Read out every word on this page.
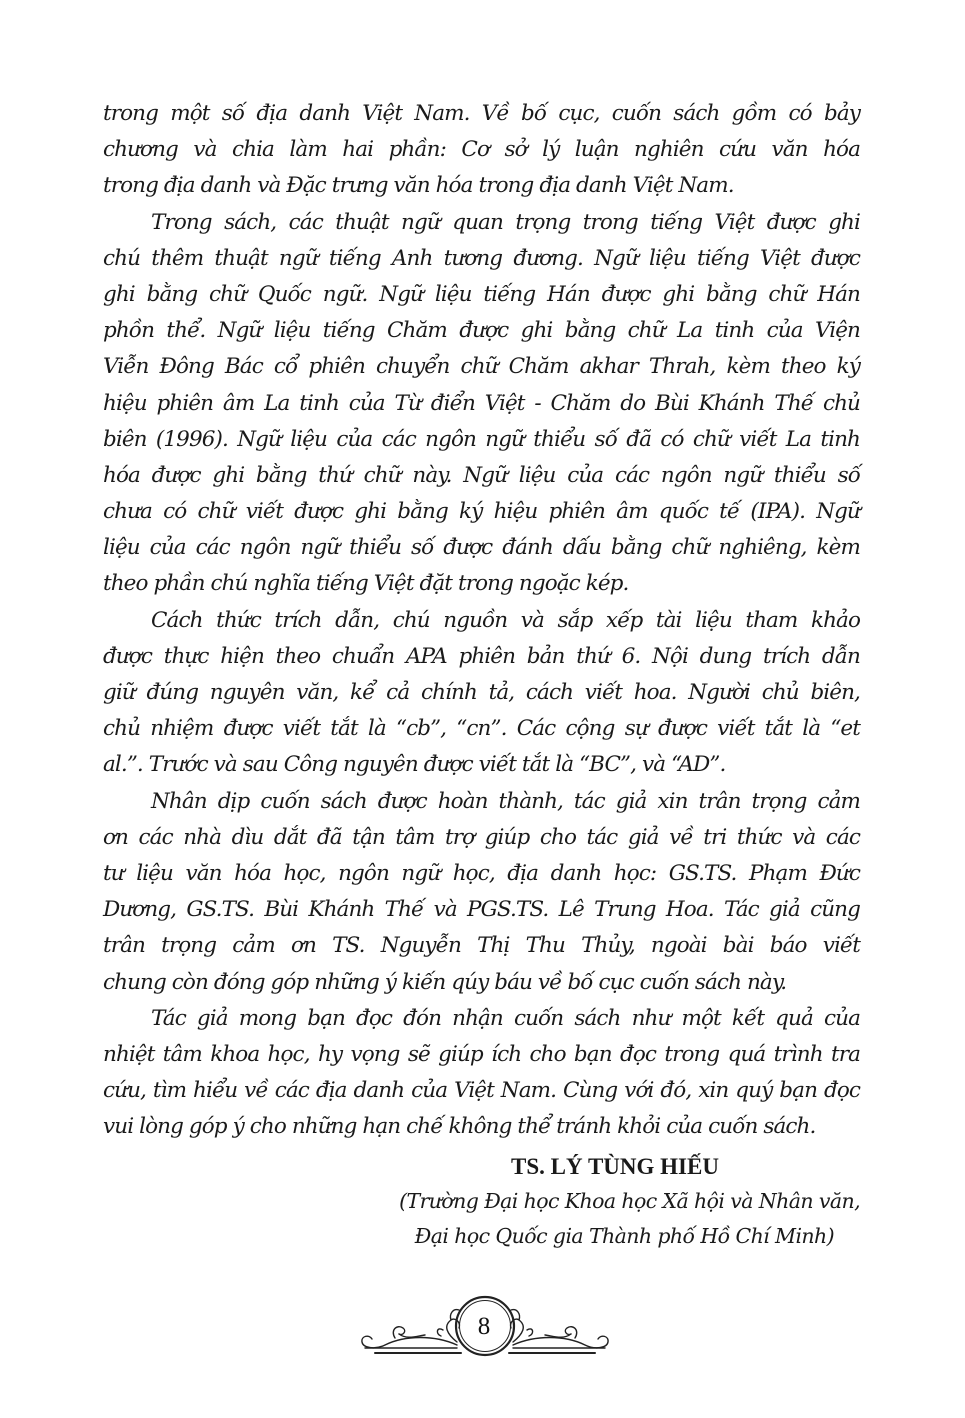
trong một số địa danh Việt Nam. Về bố cục, cuốn sách gồm có bảy
chương và chia làm hai phần: Cơ sở lý luận nghiên cứu văn hóa
trong địa danh và Đặc trưng văn hóa trong địa danh Việt Nam.
Trong sách, các thuật ngữ quan trọng trong tiếng Việt được ghi
chú thêm thuật ngữ tiếng Anh tương đương. Ngữ liệu tiếng Việt được
ghi bằng chữ Quốc ngữ. Ngữ liệu tiếng Hán được ghi bằng chữ Hán
phồn thể. Ngữ liệu tiếng Chăm được ghi bằng chữ La tinh của Viện
Viễn Đông Bác cổ phiên chuyển chữ Chăm akhar Thrah, kèm theo ký
hiệu phiên âm La tinh của Từ điển Việt - Chăm do Bùi Khánh Thế chủ
biên (1996). Ngữ liệu của các ngôn ngữ thiểu số đã có chữ viết La tinh
hóa được ghi bằng thứ chữ này. Ngữ liệu của các ngôn ngữ thiểu số
chưa có chữ viết được ghi bằng ký hiệu phiên âm quốc tế (IPA). Ngữ
liệu của các ngôn ngữ thiểu số được đánh dấu bằng chữ nghiêng, kèm
theo phần chú nghĩa tiếng Việt đặt trong ngoặc kép.
Cách thức trích dẫn, chú nguồn và sắp xếp tài liệu tham khảo
được thực hiện theo chuẩn APA phiên bản thứ 6. Nội dung trích dẫn
giữ đúng nguyên văn, kể cả chính tả, cách viết hoa. Người chủ biên,
chủ nhiệm được viết tắt là “cb”, “cn”. Các cộng sự được viết tắt là “et
al.”. Trước và sau Công nguyên được viết tắt là “BC”, và “AD”.
Nhân dịp cuốn sách được hoàn thành, tác giả xin trân trọng cảm
ơn các nhà dìu dắt đã tận tâm trợ giúp cho tác giả về tri thức và các
tư liệu văn hóa học, ngôn ngữ học, địa danh học: GS.TS. Phạm Đức
Dương, GS.TS. Bùi Khánh Thế và PGS.TS. Lê Trung Hoa. Tác giả cũng
trân trọng cảm ơn TS. Nguyễn Thị Thu Thủy, ngoài bài báo viết
chung còn đóng góp những ý kiến qúy báu về bố cục cuốn sách này.
Tác giả mong bạn đọc đón nhận cuốn sách như một kết quả của
nhiệt tâm khoa học, hy vọng sẽ giúp ích cho bạn đọc trong quá trình tra
cứu, tìm hiểu về các địa danh của Việt Nam. Cùng với đó, xin quý bạn đọc
vui lòng góp ý cho những hạn chế không thể tránh khỏi của cuốn sách.
TS. LÝ TÙNG HIẾU
(Trường Đại học Khoa học Xã hội và Nhân văn,
Đại học Quốc gia Thành phố Hồ Chí Minh)
8
